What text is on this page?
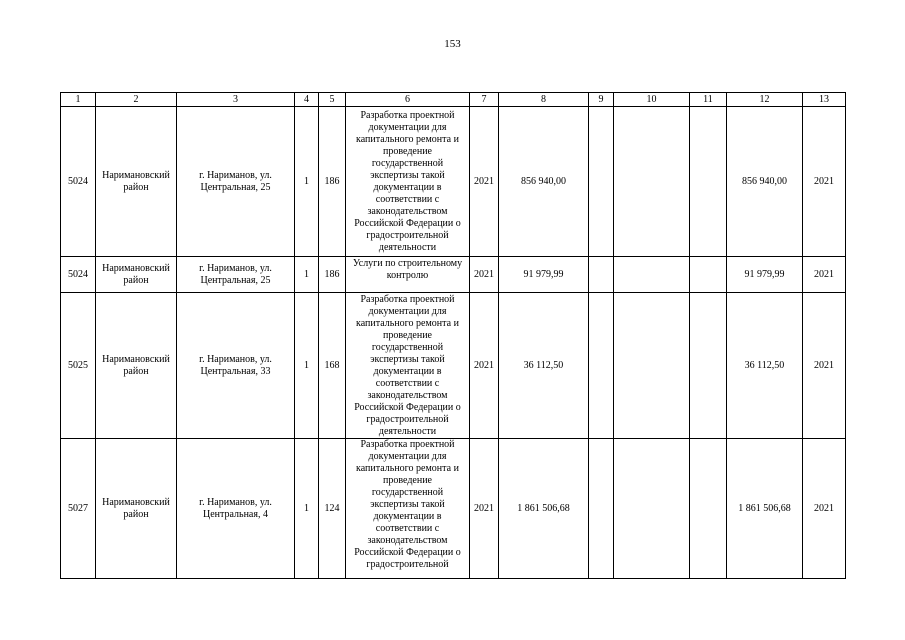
153
1	2	3	4	5	6	7	8	9	10	11	12	13
5024	Наримановский район	г. Нариманов, ул. Центральная, 25	1	186	Разработка проектной документации для капитального ремонта и проведение государственной экспертизы такой документации в соответствии с законодательством Российской Федерации о градостроительной деятельности	2021	856 940,00				856 940,00	2021
5024	Наримановский район	г. Нариманов, ул. Центральная, 25	1	186	Услуги по строительному контролю	2021	91 979,99				91 979,99	2021
5025	Наримановский район	г. Нариманов, ул. Центральная, 33	1	168	Разработка проектной документации для капитального ремонта и проведение государственной экспертизы такой документации в соответствии с законодательством Российской Федерации о градостроительной деятельности	2021	36 112,50				36 112,50	2021
5027	Наримановский район	г. Нариманов, ул. Центральная, 4	1	124	Разработка проектной документации для капитального ремонта и проведение государственной экспертизы такой документации в соответствии с законодательством Российской Федерации о градостроительной	2021	1 861 506,68				1 861 506,68	2021
